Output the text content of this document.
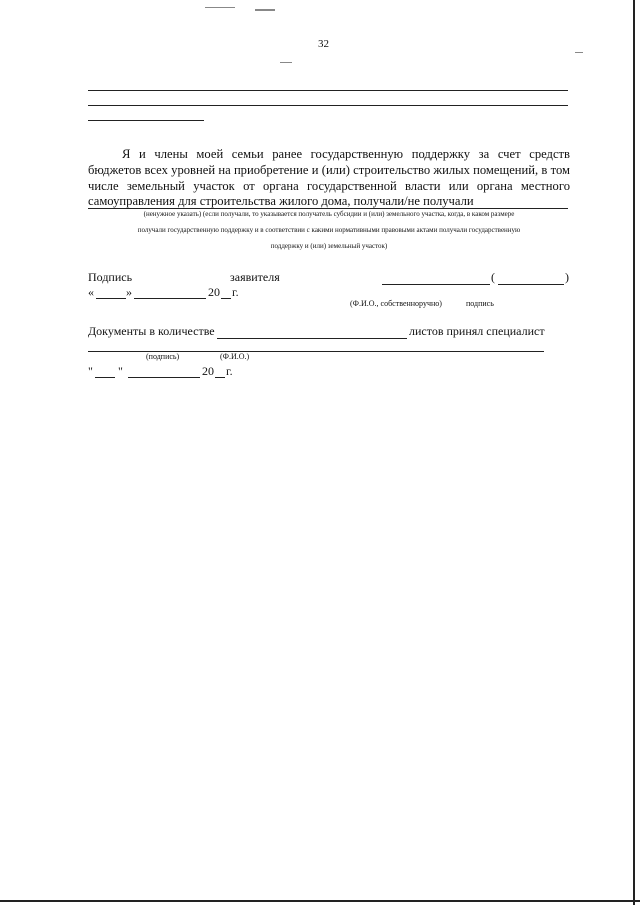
32
Я и члены моей семьи ранее государственную поддержку за счет средств бюджетов всех уровней на приобретение и (или) строительство жилых помещений, в том числе земельный участок от органа государственной власти или органа местного самоуправления для строительства жилого дома, получали/не получали
(ненужное указать) (если получали, то указывается получатель субсидии и (или) земельного участка, когда, в каком размере
получали государственную поддержку и в соответствии с какими нормативными правовыми актами получали государственную
поддержку и (или) земельный участок)
Подпись	заявителя	(	)
«	»	20 г.
(Ф.И.О., собственноручно)	подпись
Документы в количестве	листов принял специалист
(подпись)	(Ф.И.О.)
" "	20 г.
